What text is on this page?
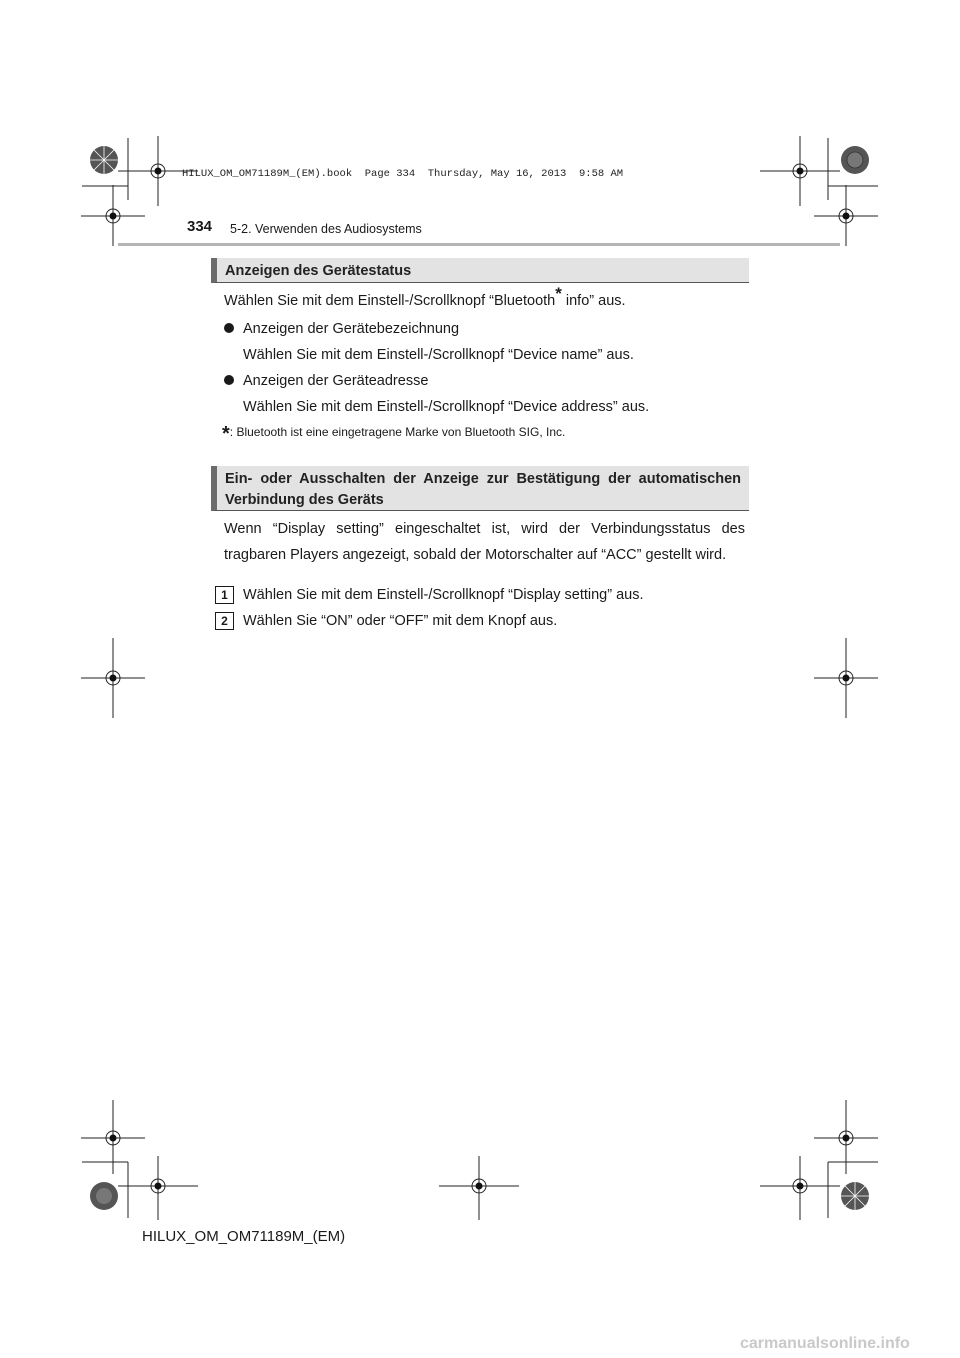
HILUX_OM_OM71189M_(EM).book  Page 334  Thursday, May 16, 2013  9:58 AM
334 5-2. Verwenden des Audiosystems
Anzeigen des Gerätestatus
Wählen Sie mit dem Einstell-/Scrollknopf “Bluetooth* info” aus.
Anzeigen der Gerätebezeichnung
Wählen Sie mit dem Einstell-/Scrollknopf “Device name” aus.
Anzeigen der Geräteadresse
Wählen Sie mit dem Einstell-/Scrollknopf “Device address” aus.
*: Bluetooth ist eine eingetragene Marke von Bluetooth SIG, Inc.
Ein- oder Ausschalten der Anzeige zur Bestätigung der automatischen Verbindung des Geräts
Wenn “Display setting” eingeschaltet ist, wird der Verbindungsstatus des tragbaren Players angezeigt, sobald der Motorschalter auf “ACC” gestellt wird.
1	Wählen Sie mit dem Einstell-/Scrollknopf “Display setting” aus.
2	Wählen Sie “ON” oder “OFF” mit dem Knopf aus.
HILUX_OM_OM71189M_(EM)
carmanualsonline.info
